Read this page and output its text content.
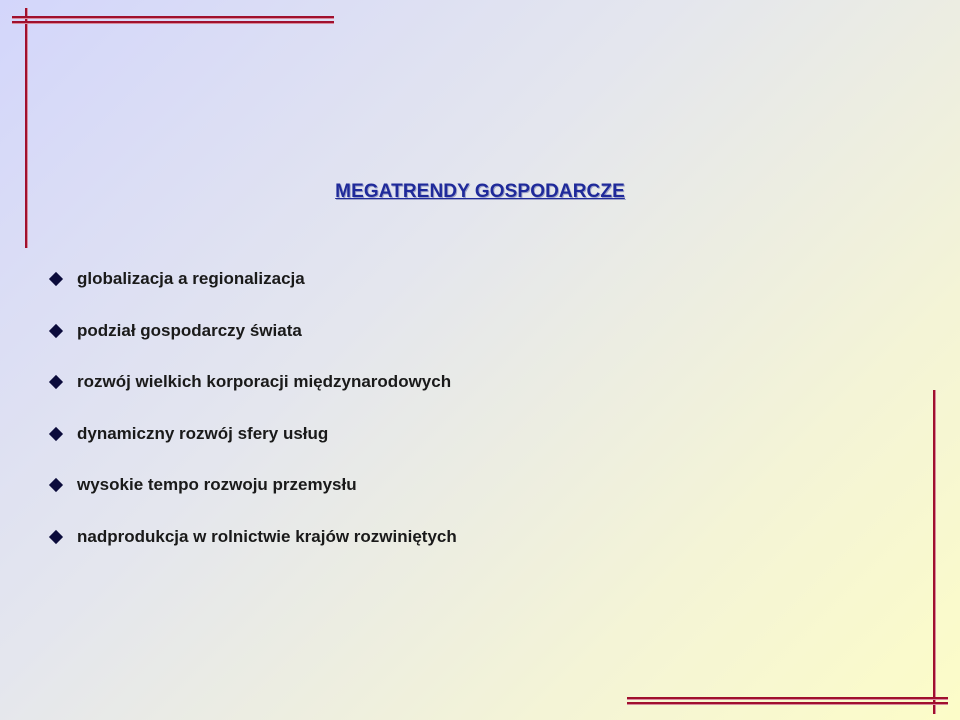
MEGATRENDY GOSPODARCZE
globalizacja a regionalizacja
podział gospodarczy świata
rozwój wielkich korporacji międzynarodowych
dynamiczny rozwój sfery usług
wysokie tempo rozwoju przemysłu
nadprodukcja w rolnictwie krajów rozwiniętych
